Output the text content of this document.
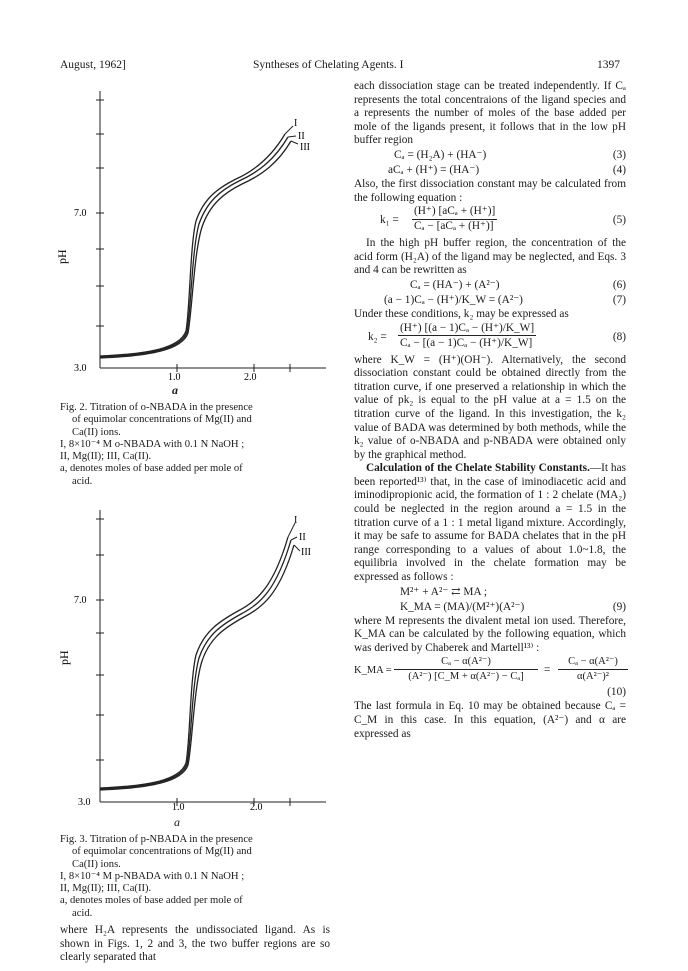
August, 1962]	Syntheses of Chelating Agents. I	1397
I
II
III
7.0
3.0
pH
1.0	2.0
a

Fig. 2. Titration of o-NBADA in the presence

of equimolar concentrations of Mg(II) and

Ca(II) ions.

I, 8×10⁻⁴ M o-NBADA with 0.1 N NaOH ;

II, Mg(II); III, Ca(II).

a, denotes moles of base added per mole of

acid.

I
II
III
7.0
3.0
pH
1.0	2.0
a

Fig. 3. Titration of p-NBADA in the presence

of equimolar concentrations of Mg(II) and

Ca(II) ions.

I, 8×10⁻⁴ M p-NBADA with 0.1 N NaOH ;

II, Mg(II); III, Ca(II).

a, denotes moles of base added per mole of

acid.

where H₂A represents the undissociated ligand. As is shown in Figs. 1, 2 and 3, the two buffer regions are so clearly separated that

each dissociation stage can be treated independently. If Cₐ represents the total concentraions of the ligand species and a represents the number of moles of the base added per mole of the ligands present, it follows that in the low pH buffer region

Cₐ = (H₂A) + (HA⁻)	(3)
aCₐ + (H⁺) = (HA⁻)	(4)

Also, the first dissociation constant may be calculated from the following equation :

k₁ =
(H⁺) [aCₐ + (H⁺)]
Cₐ − [aCₐ + (H⁺)]	(5)

In the high pH buffer region, the concentration of the acid form (H₂A) of the ligand may be neglected, and Eqs. 3 and 4 can be rewritten as

Cₐ = (HA⁻) + (A²⁻)	(6)
(a − 1)Cₐ − (H⁺)/K_W = (A²⁻)	(7)

Under these conditions, k₂ may be expressed as

k₂ =
(H⁺) [(a − 1)Cₐ − (H⁺)/K_W]
Cₐ − [(a − 1)Cₐ − (H⁺)/K_W]	(8)

where K_W = (H⁺)(OH⁻). Alternatively, the second dissociation constant could be obtained directly from the titration curve, if one preserved a relationship in which the value of pk₂ is equal to the pH value at a = 1.5 on the titration curve of the ligand. In this investigation, the k₂ value of BADA was determined by both methods, while the k₂ value of o-NBADA and p-NBADA were obtained only by the graphical method.

Calculation of the Chelate Stability Constants.—It has been reported¹³⁾ that, in the case of iminodiacetic acid and iminodipropionic acid, the formation of 1 : 2 chelate (MA₂) could be neglected in the region around a = 1.5 in the titration curve of a 1 : 1 metal ligand mixture. Accordingly, it may be safe to assume for BADA chelates that in the pH range corresponding to a values of about 1.0~1.8, the equilibria involved in the chelate formation may be expressed as follows :

M²⁺ + A²⁻ ⇄ MA ;
K_MA = (MA)/(M²⁺)(A²⁻)	(9)

where M represents the divalent metal ion used. Therefore, K_MA can be calculated by the following equation, which was derived by Chaberek and Martell¹³⁾ :

K_MA =
Cₐ − α(A²⁻)
(A²⁻) [C_M + α(A²⁻) − Cₐ]
=
Cₐ − α(A²⁻)
α(A²⁻)²
(10)

The last formula in Eq. 10 may be obtained because Cₐ = C_M in this case. In this equation, (A²⁻) and α are expressed as
